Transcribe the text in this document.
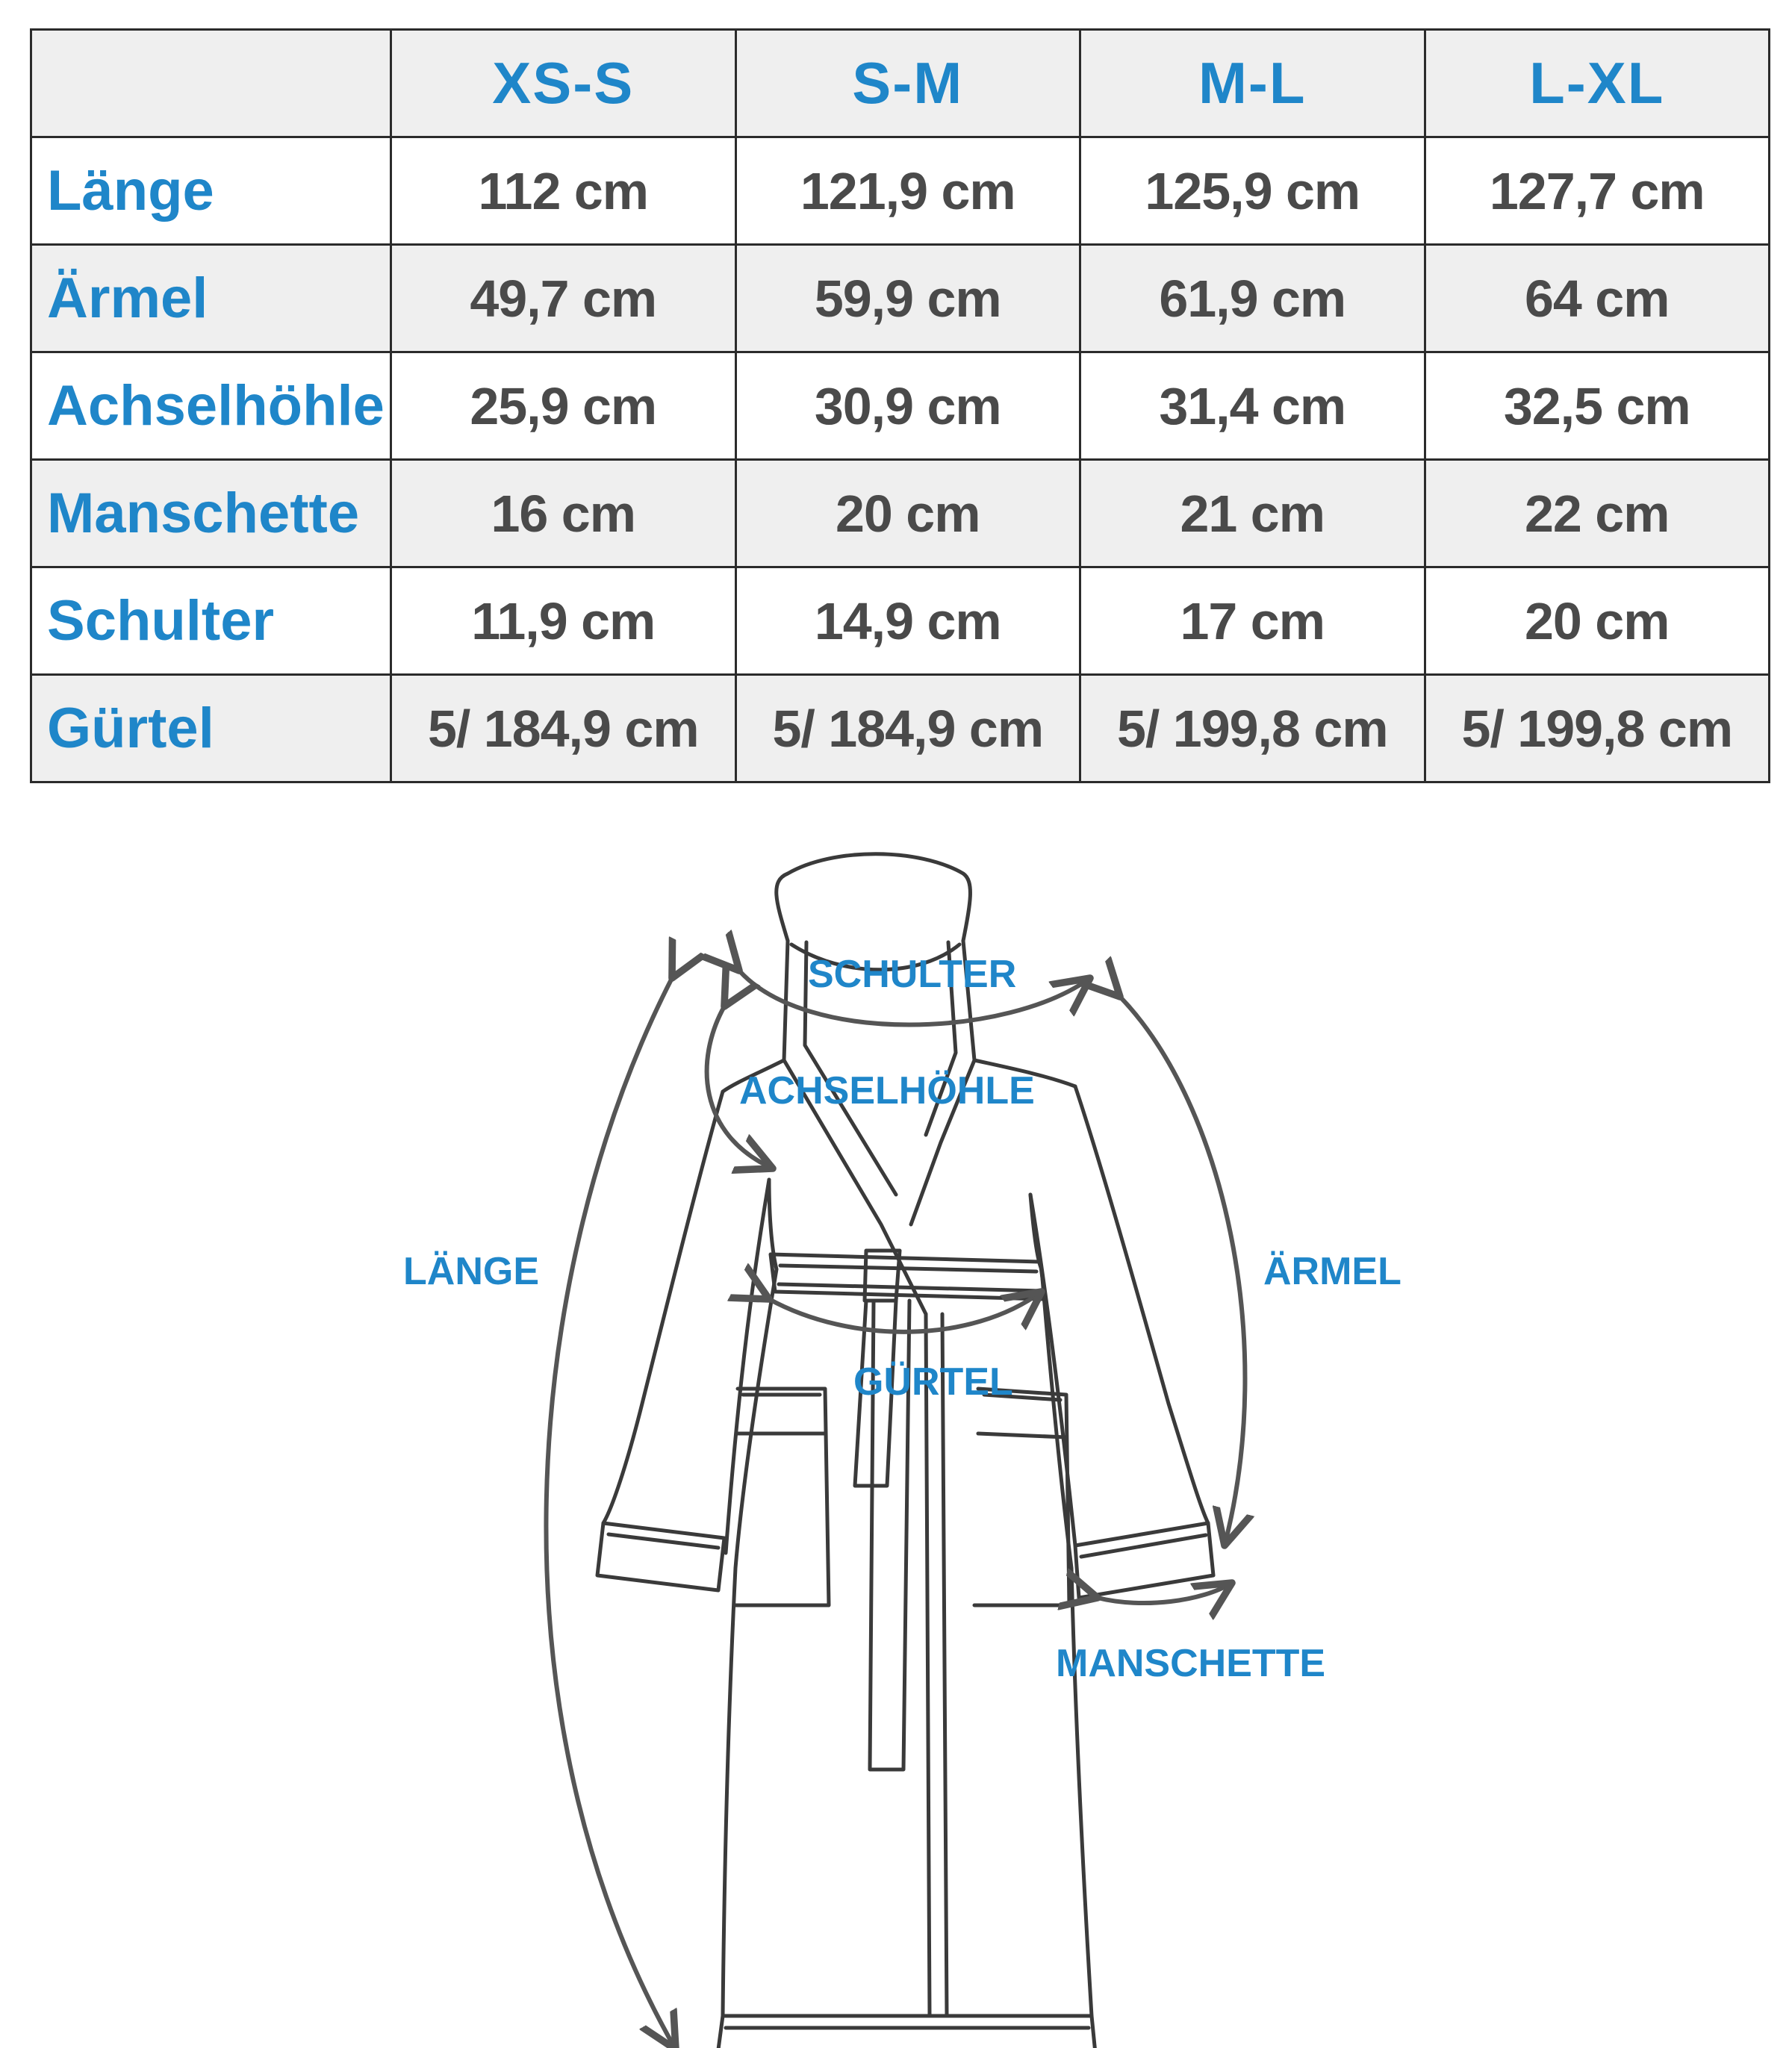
	XS-S	S-M	M-L	L-XL
Länge	112 cm	121,9 cm	125,9 cm	127,7 cm
Ärmel	49,7 cm	59,9 cm	61,9 cm	64 cm
Achselhöhle	25,9 cm	30,9 cm	31,4 cm	32,5 cm
Manschette	16 cm	20 cm	21 cm	22 cm
Schulter	11,9 cm	14,9 cm	17 cm	20 cm
Gürtel	5/ 184,9 cm	5/ 184,9 cm	5/ 199,8 cm	5/ 199,8 cm
SCHULTER
ACHSELHÖHLE
LÄNGE	ÄRMEL
GÜRTEL
MANSCHETTE
